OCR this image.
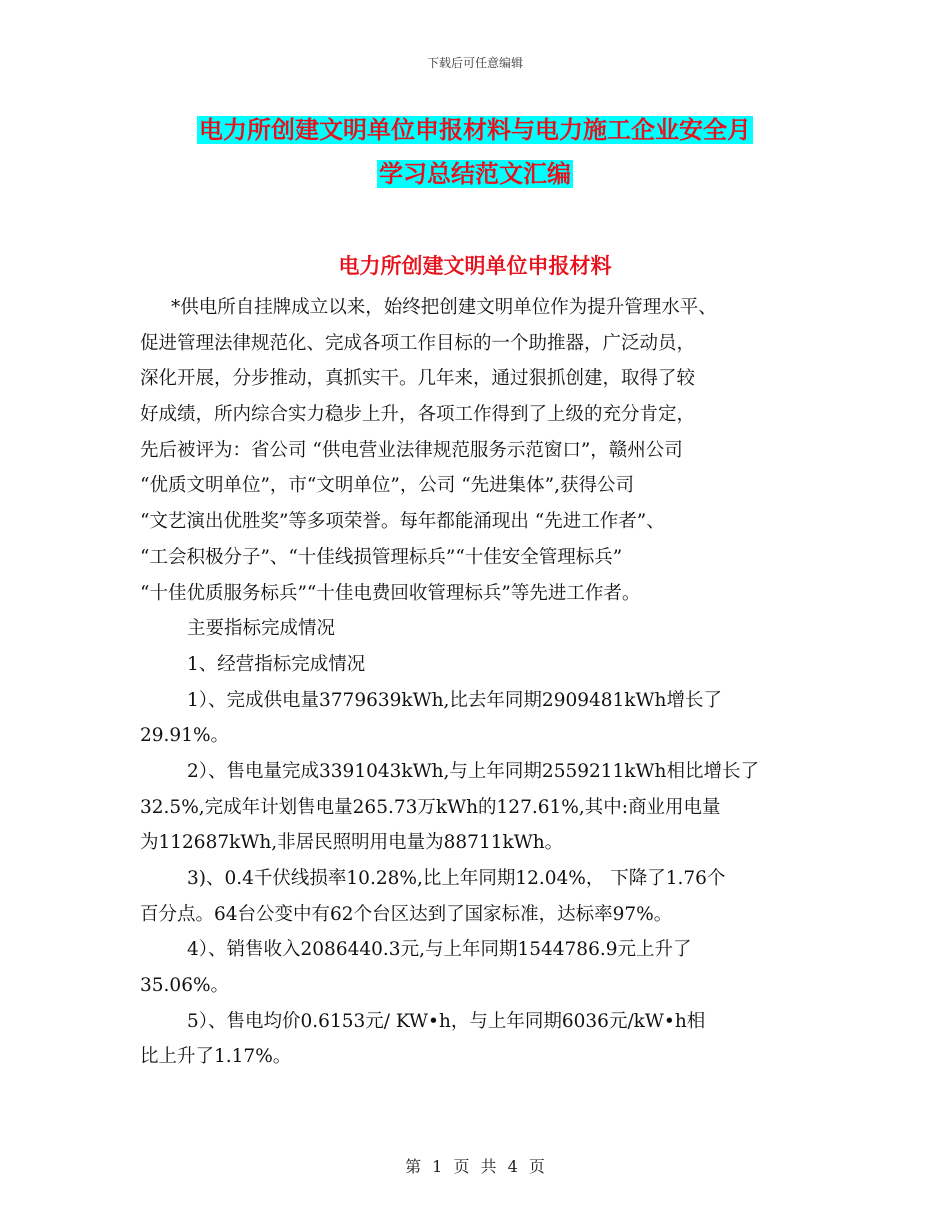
下载后可任意编辑
电力所创建文明单位申报材料与电力施工企业安全月
学习总结范文汇编
电力所创建文明单位申报材料
*供电所自挂牌成立以来，始终把创建文明单位作为提升管理水平、
促进管理法律规范化、完成各项工作目标的一个助推器，广泛动员，
深化开展，分步推动，真抓实干。几年来，通过狠抓创建，取得了较
好成绩，所内综合实力稳步上升，各项工作得到了上级的充分肯定，
先后被评为：省公司 “供电营业法律规范服务示范窗口”，赣州公司
“优质文明单位”，市“文明单位”，公司 “先进集体”,获得公司
“文艺演出优胜奖”等多项荣誉。每年都能涌现出 “先进工作者”、
“工会积极分子”、“十佳线损管理标兵”“十佳安全管理标兵”
“十佳优质服务标兵”“十佳电费回收管理标兵”等先进工作者。
主要指标完成情况
1、经营指标完成情况
1）、完成供电量3779639kWh,比去年同期2909481kWh增长了
29.91%。
2）、售电量完成3391043kWh,与上年同期2559211kWh相比增长了
32.5%,完成年计划售电量265.73万kWh的127.61%,其中:商业用电量
为112687kWh,非居民照明用电量为88711kWh。
3)、0.4千伏线损率10.28%,比上年同期12.04%， 下降了1.76个
百分点。64台公变中有62个台区达到了国家标准，达标率97%。
4）、销售收入2086440.3元,与上年同期1544786.9元上升了
35.06%。
5）、售电均价0.6153元/ KW•h，与上年同期6036元/kW•h相
比上升了1.17%。
第 1 页 共 4 页
